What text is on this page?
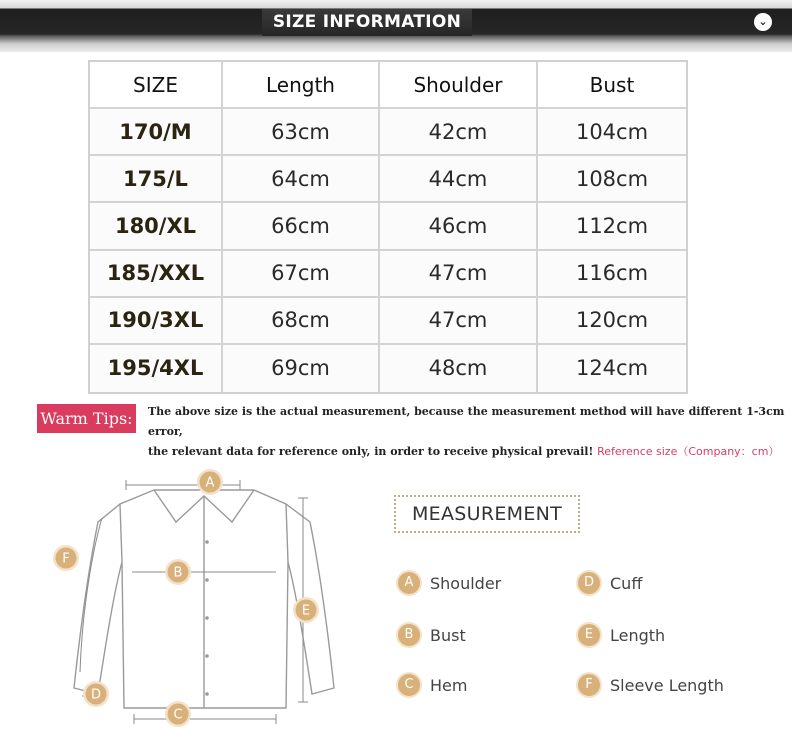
SIZE INFORMATION	⌄
SIZE	Length	Shoulder	Bust
170/M	63cm	42cm	104cm
175/L	64cm	44cm	108cm
180/XL	66cm	46cm	112cm
185/XXL	67cm	47cm	116cm
190/3XL	68cm	47cm	120cm
195/4XL	69cm	48cm	124cm
Warm Tips:	The above size is the actual measurement, because the measurement method will have different 1-3cm error,
the relevant data for reference only, in order to receive physical prevail! Reference size（Company：cm）
A
B
C
D
E
F
MEASUREMENT
A	Shoulder
B	Bust
C	Hem
D	Cuff
E	Length
F	Sleeve Length
